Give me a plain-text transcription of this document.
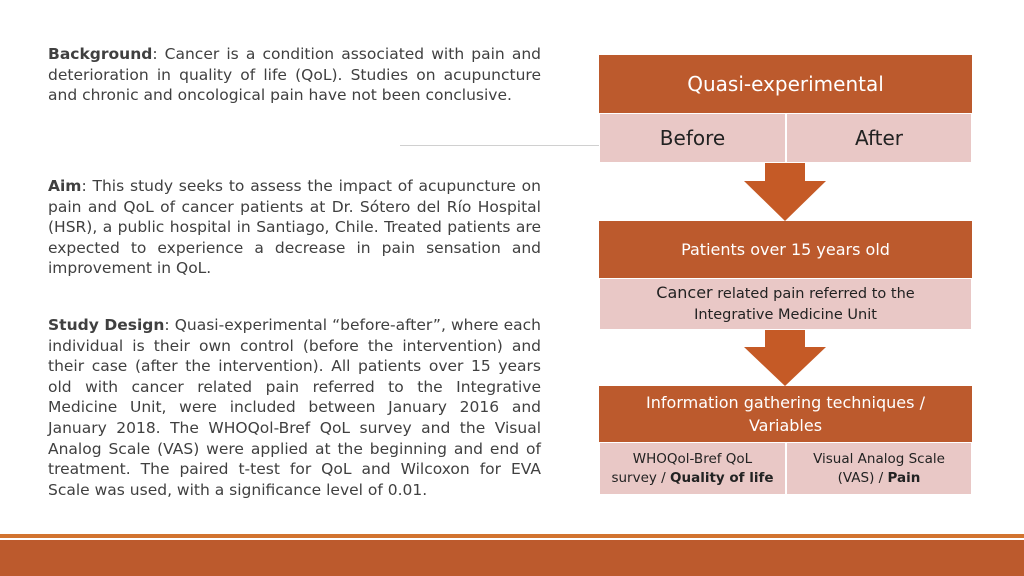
Background: Cancer is a condition associated with pain and deterioration in quality of life (QoL). Studies on acupuncture and chronic and oncological pain have not been conclusive.
Aim: This study seeks to assess the impact of acupuncture on pain and QoL of cancer patients at Dr. Sótero del Río Hospital (HSR), a public hospital in Santiago, Chile. Treated patients are expected to experience a decrease in pain sensation and improvement in QoL.
Study Design: Quasi-experimental “before-after”, where each individual is their own control (before the intervention) and their case (after the intervention). All patients over 15 years old with cancer related pain referred to the Integrative Medicine Unit, were included between January 2016 and January 2018. The WHOQol-Bref QoL survey and the Visual Analog Scale (VAS) were applied at the beginning and end of treatment. The paired t-test for QoL and Wilcoxon for EVA Scale was used, with a significance level of 0.01.
Quasi-experimental
Before	After
Patients over 15 years old
Cancer related pain referred to the
Integrative Medicine Unit
Information gathering techniques / Variables
WHOQol-Bref QoL survey / Quality of life
Visual Analog Scale (VAS) / Pain
